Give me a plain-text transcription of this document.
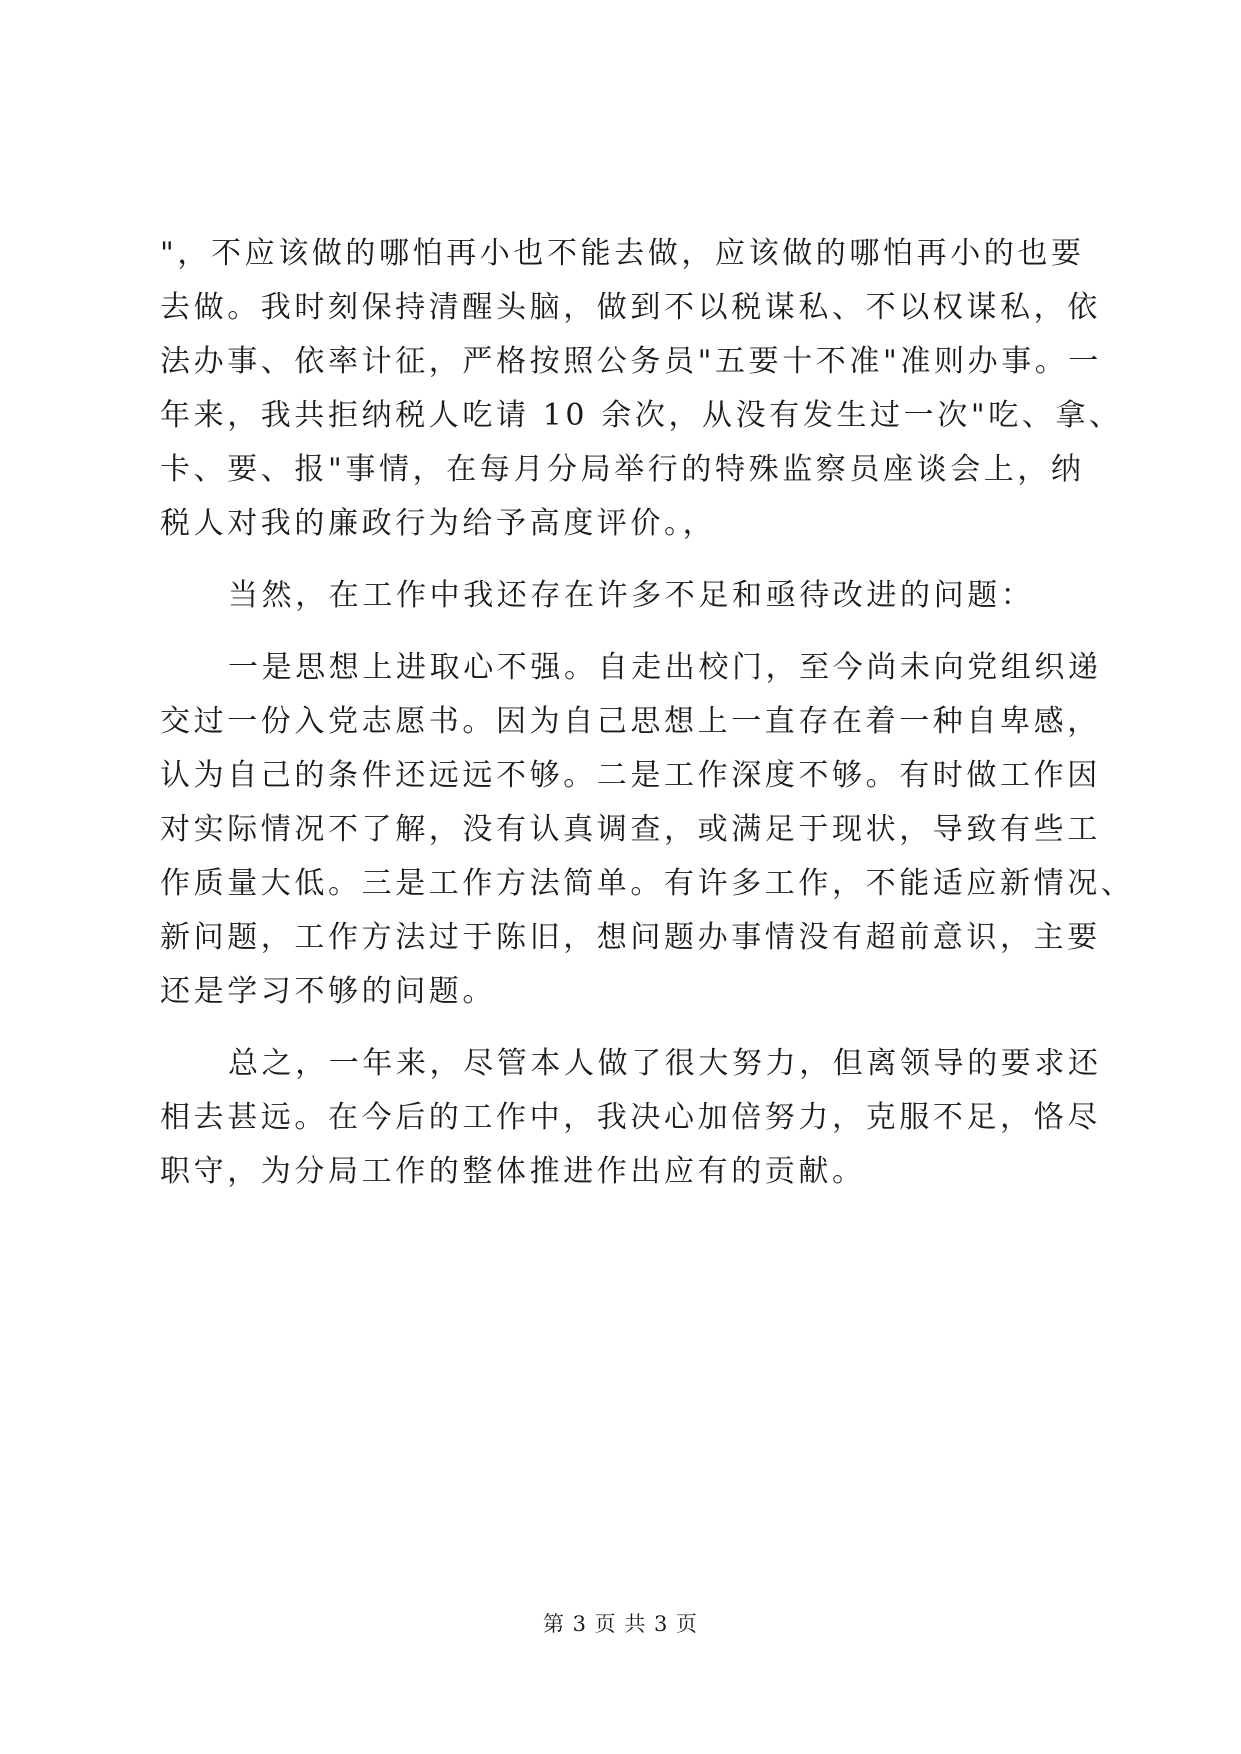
"，不应该做的哪怕再小也不能去做，应该做的哪怕再小的也要
去做。我时刻保持清醒头脑，做到不以税谋私、不以权谋私，依
法办事、依率计征，严格按照公务员"五要十不准"准则办事。一
年来，我共拒纳税人吃请 10 余次，从没有发生过一次"吃、拿、
卡、要、报"事情，在每月分局举行的特殊监察员座谈会上，纳
税人对我的廉政行为给予高度评价。，
当然，在工作中我还存在许多不足和亟待改进的问题：
一是思想上进取心不强。自走出校门，至今尚未向党组织递
交过一份入党志愿书。因为自己思想上一直存在着一种自卑感，
认为自己的条件还远远不够。二是工作深度不够。有时做工作因
对实际情况不了解，没有认真调查，或满足于现状，导致有些工
作质量大低。三是工作方法简单。有许多工作，不能适应新情况、
新问题，工作方法过于陈旧，想问题办事情没有超前意识，主要
还是学习不够的问题。
总之，一年来，尽管本人做了很大努力，但离领导的要求还
相去甚远。在今后的工作中，我决心加倍努力，克服不足，恪尽
职守，为分局工作的整体推进作出应有的贡献。
第 3 页 共 3 页
